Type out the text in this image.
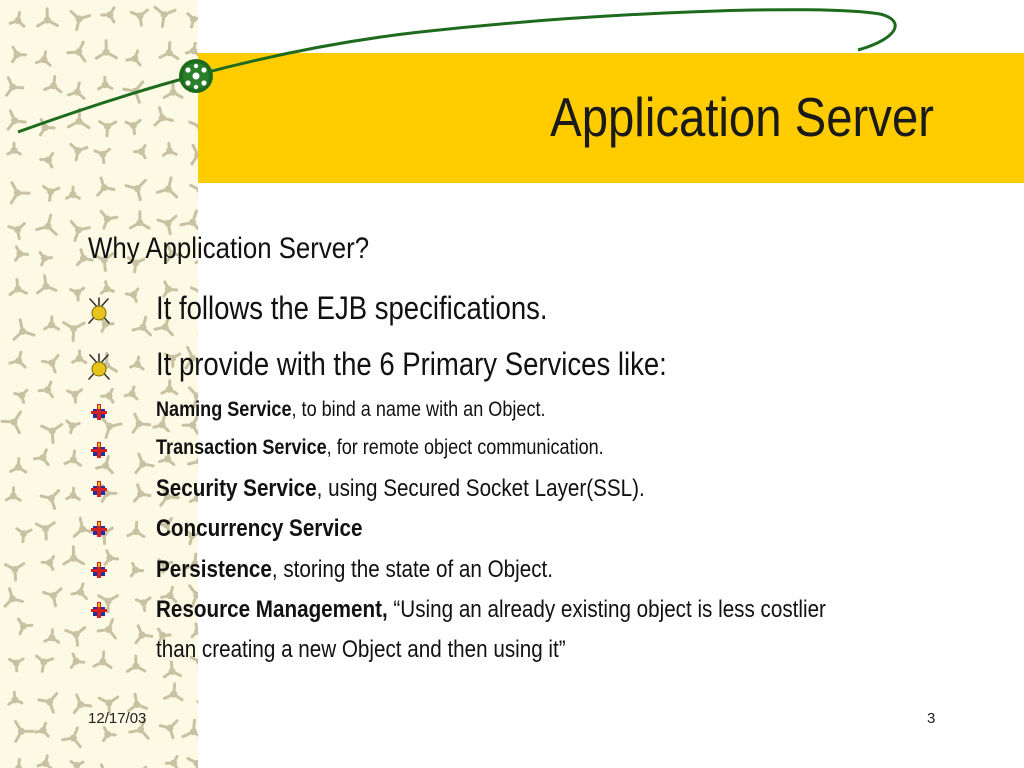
Application Server
Why Application Server?
It follows the EJB specifications.
It provide with the 6 Primary Services like:
Naming Service, to bind a name with an Object.
Transaction Service, for remote object communication.
Security Service, using Secured Socket Layer(SSL).
Concurrency Service
Persistence, storing the state of an Object.
Resource Management, “Using an already existing object is less costlier
than creating a new Object and then using it”
12/17/03	3
